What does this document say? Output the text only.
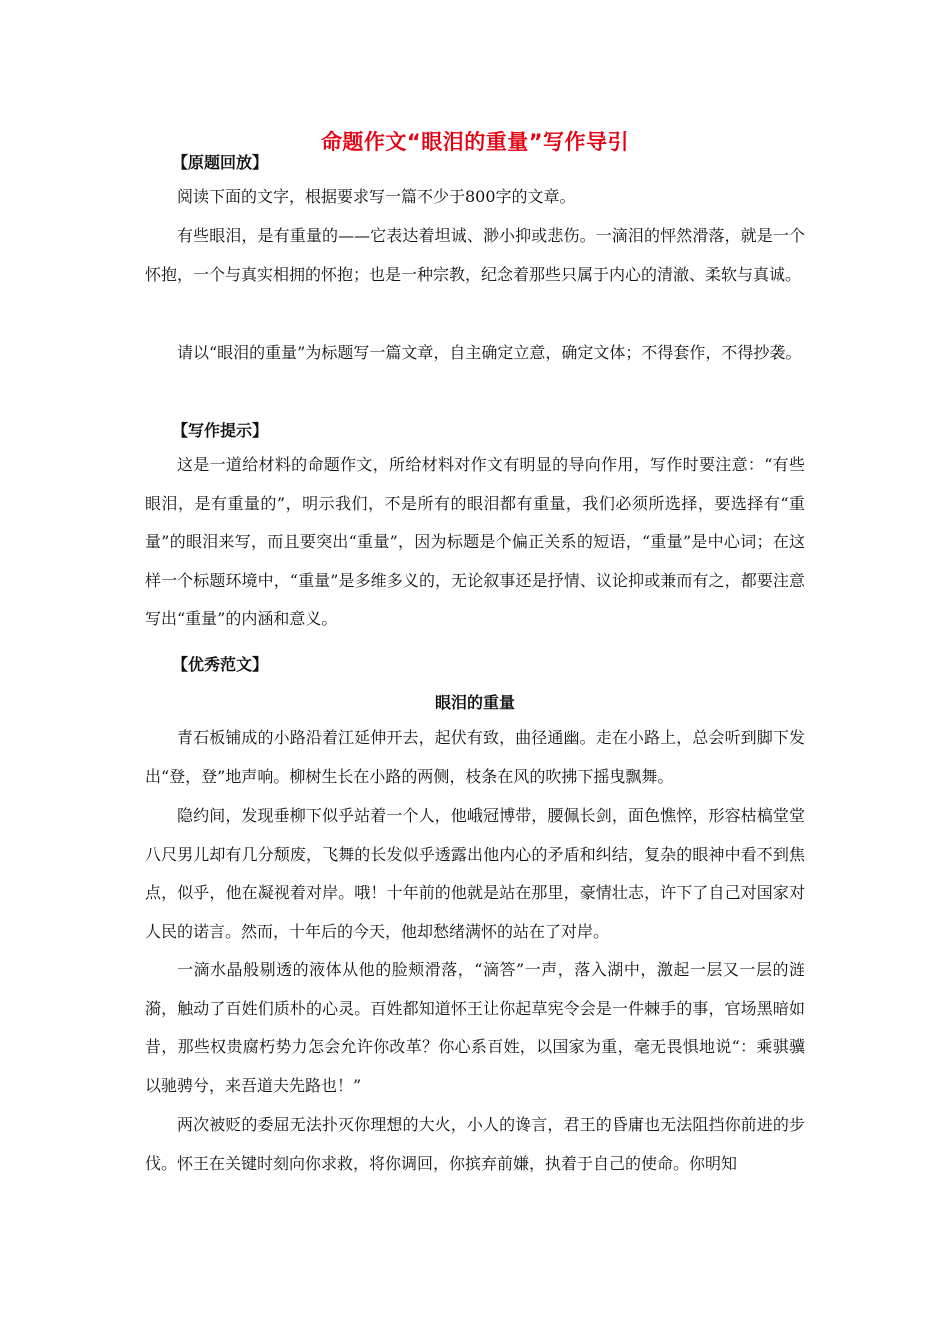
命题作文“眼泪的重量”写作导引
【原题回放】

阅读下面的文字，根据要求写一篇不少于800字的文章。

有些眼泪，是有重量的——它表达着坦诚、渺小抑或悲伤。一滴泪的怦然滑落，就是一个怀抱，一个与真实相拥的怀抱；也是一种宗教，纪念着那些只属于内心的清澈、柔软与真诚。

请以“眼泪的重量”为标题写一篇文章，自主确定立意，确定文体；不得套作，不得抄袭。

【写作提示】

这是一道给材料的命题作文，所给材料对作文有明显的导向作用，写作时要注意：“有些眼泪，是有重量的”，明示我们，不是所有的眼泪都有重量，我们必须所选择，要选择有“重量”的眼泪来写，而且要突出“重量”，因为标题是个偏正关系的短语，“重量”是中心词；在这样一个标题环境中，“重量”是多维多义的，无论叙事还是抒情、议论抑或兼而有之，都要注意写出“重量”的内涵和意义。

【优秀范文】
眼泪的重量

青石板铺成的小路沿着江延伸开去，起伏有致，曲径通幽。走在小路上，总会听到脚下发出“登，登”地声响。柳树生长在小路的两侧，枝条在风的吹拂下摇曳飘舞。

隐约间，发现垂柳下似乎站着一个人，他峨冠博带，腰佩长剑，面色憔悴，形容枯槁堂堂八尺男儿却有几分颓废，飞舞的长发似乎透露出他内心的矛盾和纠结，复杂的眼神中看不到焦点，似乎，他在凝视着对岸。哦！十年前的他就是站在那里，豪情壮志，许下了自己对国家对人民的诺言。然而，十年后的今天，他却愁绪满怀的站在了对岸。

一滴水晶般剔透的液体从他的脸颊滑落，“滴答”一声，落入湖中，激起一层又一层的涟漪，触动了百姓们质朴的心灵。百姓都知道怀王让你起草宪令会是一件棘手的事，官场黑暗如昔，那些权贵腐朽势力怎会允许你改革？你心系百姓，以国家为重，毫无畏惧地说“：乘骐骥以驰骋兮，来吾道夫先路也！”

两次被贬的委屈无法扑灭你理想的大火，小人的谗言，君王的昏庸也无法阻挡你前进的步伐。怀王在关键时刻向你求救，将你调回，你摈弃前嫌，执着于自己的使命。你明知
